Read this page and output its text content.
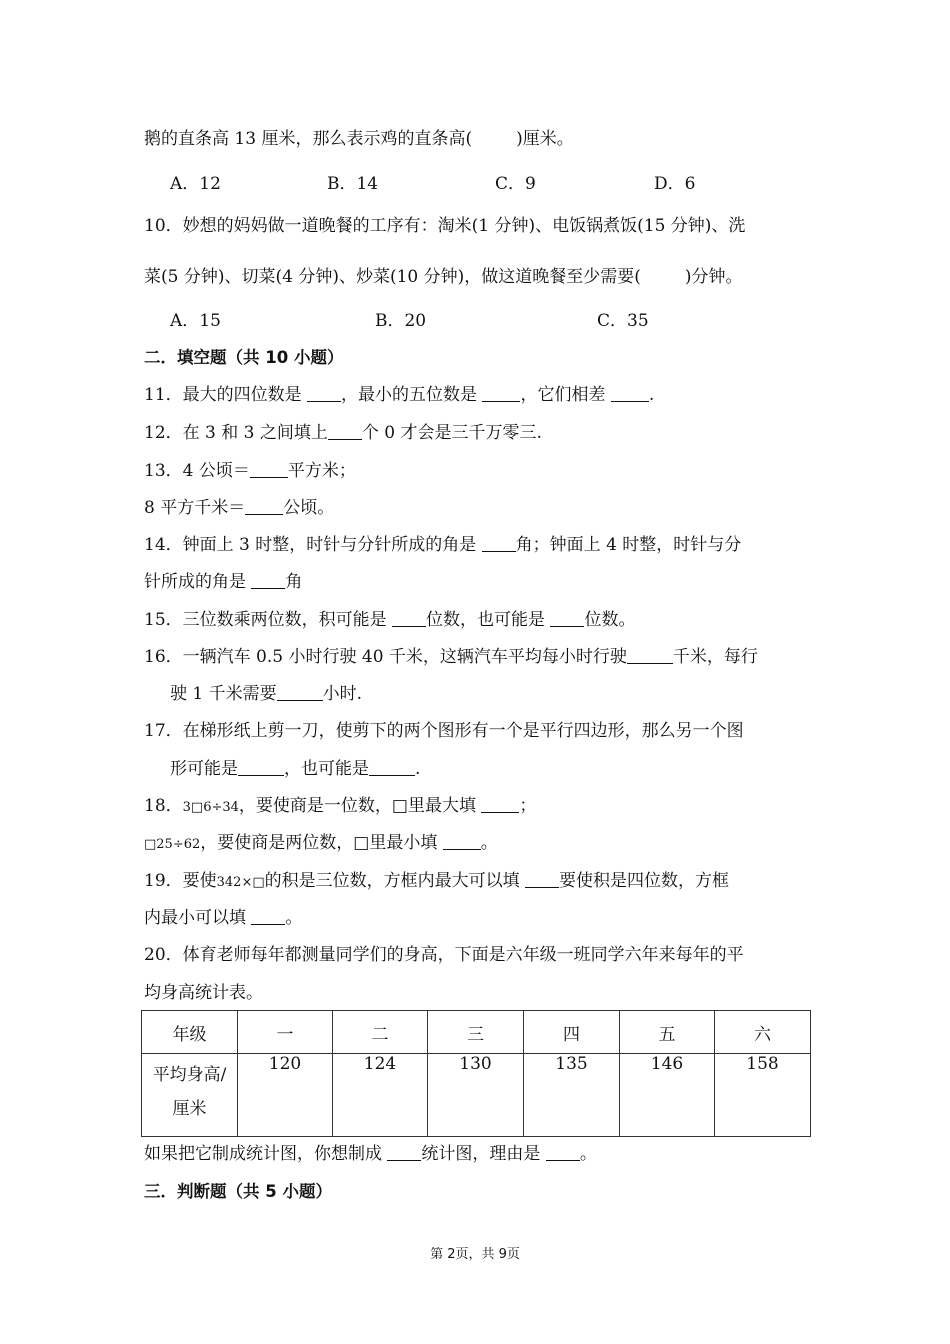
鹅的直条高 13 厘米，那么表示鸡的直条高(	)厘米。
A．12	B．14	C．9	D．6
10．妙想的妈妈做一道晚餐的工序有：淘米(1 分钟)、电饭锅煮饭(15 分钟)、洗
菜(5 分钟)、切菜(4 分钟)、炒菜(10 分钟)，做这道晚餐至少需要(	)分钟。
A．15	B．20	C．35
二．填空题（共 10 小题）
11．最大的四位数是 ，最小的五位数是 ，它们相差 .
12．在 3 和 3 之间填上 个 0 才会是三千万零三.
13．4 公顷＝ 平方米；
8 平方千米＝ 公顷。
14．钟面上 3 时整，时针与分针所成的角是 角；钟面上 4 时整，时针与分
针所成的角是 角
15．三位数乘两位数，积可能是 位数，也可能是 位数。
16．一辆汽车 0.5 小时行驶 40 千米，这辆汽车平均每小时行驶	千米，每行
驶 1 千米需要	小时.
17．在梯形纸上剪一刀，使剪下的两个图形有一个是平行四边形，那么另一个图
形可能是	，也可能是	.
18．3□6÷34，要使商是一位数，□里最大填 ；
□25÷62，要使商是两位数，□里最小填 。
19．要使342×□的积是三位数，方框内最大可以填 要使积是四位数，方框
内最小可以填 。
20．体育老师每年都测量同学们的身高，下面是六年级一班同学六年来每年的平
均身高统计表。
年级	一	二	三	四	五	六
平均身高/
厘米	120	124	130	135	146	158
如果把它制成统计图，你想制成 统计图，理由是 。
三．判断题（共 5 小题）
第 2页，共 9页
